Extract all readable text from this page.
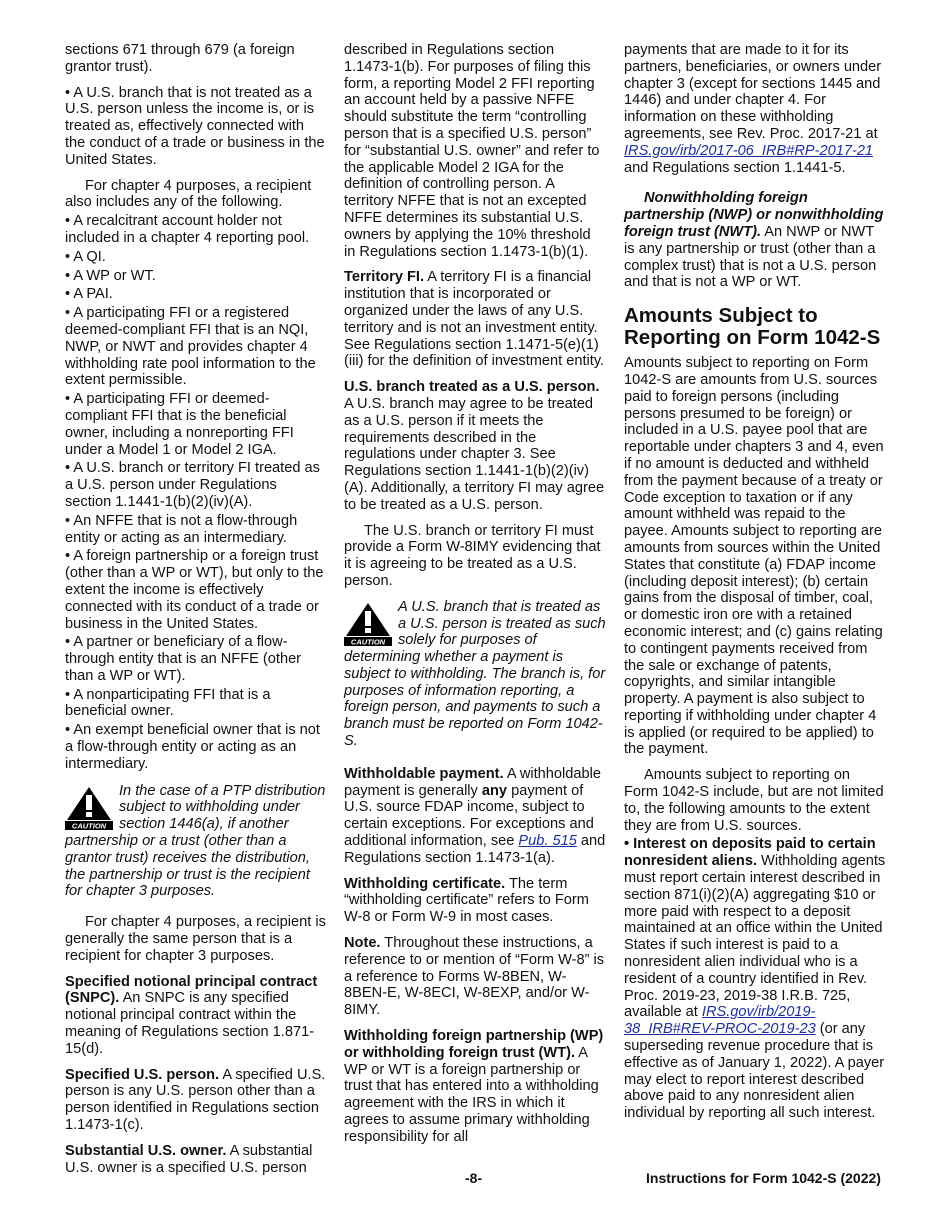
sections 671 through 679 (a foreign grantor trust).

• A U.S. branch that is not treated as a U.S. person unless the income is, or is treated as, effectively connected with the conduct of a trade or business in the United States.

For chapter 4 purposes, a recipient also includes any of the following.

• A recalcitrant account holder not included in a chapter 4 reporting pool.
• A QI.
• A WP or WT.
• A PAI.
• A participating FFI or a registered deemed-compliant FFI that is an NQI, NWP, or NWT and provides chapter 4 withholding rate pool information to the extent permissible.
• A participating FFI or deemed-compliant FFI that is the beneficial owner, including a nonreporting FFI under a Model 1 or Model 2 IGA.
• A U.S. branch or territory FI treated as a U.S. person under Regulations section 1.1441-1(b)(2)(iv)(A).
• An NFFE that is not a flow-through entity or acting as an intermediary.
• A foreign partnership or a foreign trust (other than a WP or WT), but only to the extent the income is effectively connected with its conduct of a trade or business in the United States.
• A partner or beneficiary of a flow-through entity that is an NFFE (other than a WP or WT).
• A nonparticipating FFI that is a beneficial owner.
• An exempt beneficial owner that is not a flow-through entity or acting as an intermediary.
CAUTION
In the case of a PTP distribution subject to withholding under section 1446(a), if another partnership or a trust (other than a grantor trust) receives the distribution, the partnership or trust is the recipient for chapter 3 purposes.

For chapter 4 purposes, a recipient is generally the same person that is a recipient for chapter 3 purposes.

Specified notional principal contract (SNPC). An SNPC is any specified notional principal contract within the meaning of Regulations section 1.871-15(d).

Specified U.S. person. A specified U.S. person is any U.S. person other than a person identified in Regulations section 1.1473-1(c).

Substantial U.S. owner. A substantial U.S. owner is a specified U.S. person

described in Regulations section 1.1473-1(b). For purposes of filing this form, a reporting Model 2 FFI reporting an account held by a passive NFFE should substitute the term “controlling person that is a specified U.S. person” for “substantial U.S. owner” and refer to the applicable Model 2 IGA for the definition of controlling person. A territory NFFE that is not an excepted NFFE determines its substantial U.S. owners by applying the 10% threshold in Regulations section 1.1473-1(b)(1).

Territory FI. A territory FI is a financial institution that is incorporated or organized under the laws of any U.S. territory and is not an investment entity. See Regulations section 1.1471-5(e)(1)(iii) for the definition of investment entity.

U.S. branch treated as a U.S. person. A U.S. branch may agree to be treated as a U.S. person if it meets the requirements described in the regulations under chapter 3. See Regulations section 1.1441-1(b)(2)(iv)(A). Additionally, a territory FI may agree to be treated as a U.S. person.

The U.S. branch or territory FI must provide a Form W-8IMY evidencing that it is agreeing to be treated as a U.S. person.

CAUTION
A U.S. branch that is treated as a U.S. person is treated as such solely for purposes of determining whether a payment is subject to withholding. The branch is, for purposes of information reporting, a foreign person, and payments to such a branch must be reported on Form 1042-S.

Withholdable payment. A withholdable payment is generally any payment of U.S. source FDAP income, subject to certain exceptions. For exceptions and additional information, see Pub. 515 and Regulations section 1.1473-1(a).

Withholding certificate. The term “withholding certificate” refers to Form W-8 or Form W-9 in most cases.

Note. Throughout these instructions, a reference to or mention of “Form W-8” is a reference to Forms W-8BEN, W-8BEN-E, W-8ECI, W-8EXP, and/or W-8IMY.

Withholding foreign partnership (WP) or withholding foreign trust (WT). A WP or WT is a foreign partnership or trust that has entered into a withholding agreement with the IRS in which it agrees to assume primary withholding responsibility for all

payments that are made to it for its partners, beneficiaries, or owners under chapter 3 (except for sections 1445 and 1446) and under chapter 4. For information on these withholding agreements, see Rev. Proc. 2017-21 at IRS.gov/irb/2017-06_IRB#RP-2017-21 and Regulations section 1.1441-5.

Nonwithholding foreign partnership (NWP) or nonwithholding foreign trust (NWT). An NWP or NWT is any partnership or trust (other than a complex trust) that is not a U.S. person and that is not a WP or WT.

Amounts Subject to Reporting on Form 1042-S

Amounts subject to reporting on Form 1042-S are amounts from U.S. sources paid to foreign persons (including persons presumed to be foreign) or included in a U.S. payee pool that are reportable under chapters 3 and 4, even if no amount is deducted and withheld from the payment because of a treaty or Code exception to taxation or if any amount withheld was repaid to the payee. Amounts subject to reporting are amounts from sources within the United States that constitute (a) FDAP income (including deposit interest); (b) certain gains from the disposal of timber, coal, or domestic iron ore with a retained economic interest; and (c) gains relating to contingent payments received from the sale or exchange of patents, copyrights, and similar intangible property. A payment is also subject to reporting if withholding under chapter 4 is applied (or required to be applied) to the payment.

Amounts subject to reporting on Form 1042-S include, but are not limited to, the following amounts to the extent they are from U.S. sources.

• Interest on deposits paid to certain nonresident aliens. Withholding agents must report certain interest described in section 871(i)(2)(A) aggregating $10 or more paid with respect to a deposit maintained at an office within the United States if such interest is paid to a nonresident alien individual who is a resident of a country identified in Rev. Proc. 2019-23, 2019-38 I.R.B. 725, available at IRS.gov/irb/2019-38_IRB#REV-PROC-2019-23 (or any superseding revenue procedure that is effective as of January 1, 2022). A payer may elect to report interest described above paid to any nonresident alien individual by reporting all such interest.

-8-	Instructions for Form 1042-S (2022)
